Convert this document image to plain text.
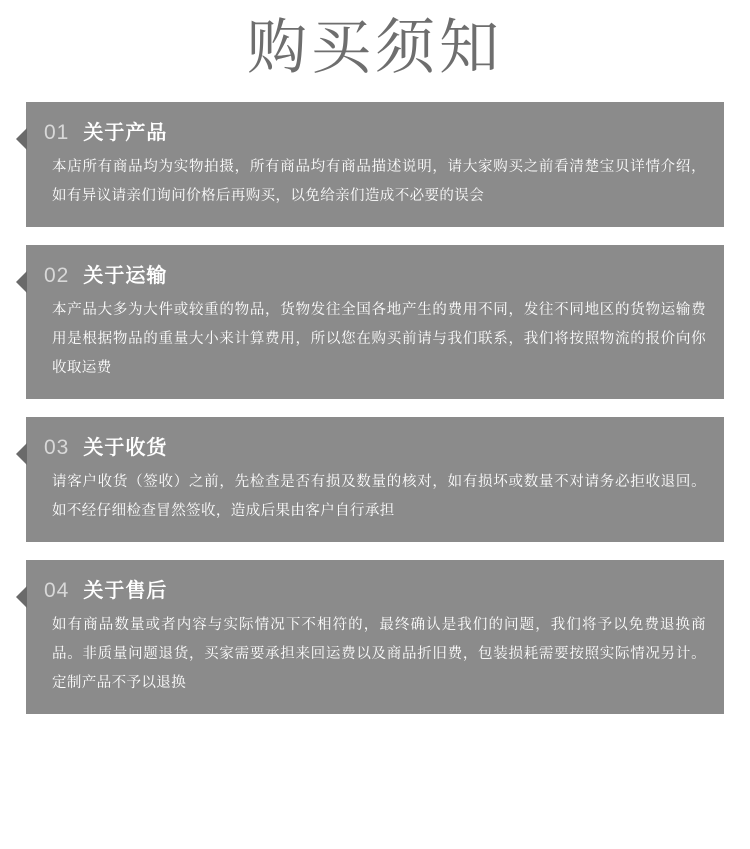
购买须知
01 关于产品

本店所有商品均为实物拍摄，所有商品均有商品描述说明，请大家购买之前看清楚宝贝详情介绍，如有异议请亲们询问价格后再购买，以免给亲们造成不必要的误会

02 关于运输

本产品大多为大件或较重的物品，货物发往全国各地产生的费用不同，发往不同地区的货物运输费用是根据物品的重量大小来计算费用，所以您在购买前请与我们联系，我们将按照物流的报价向你收取运费

03 关于收货

请客户收货（签收）之前，先检查是否有损及数量的核对，如有损坏或数量不对请务必拒收退回。如不经仔细检查冒然签收，造成后果由客户自行承担

04 关于售后

如有商品数量或者内容与实际情况下不相符的，最终确认是我们的问题，我们将予以免费退换商品。非质量问题退货，买家需要承担来回运费以及商品折旧费，包装损耗需要按照实际情况另计。定制产品不予以退换
